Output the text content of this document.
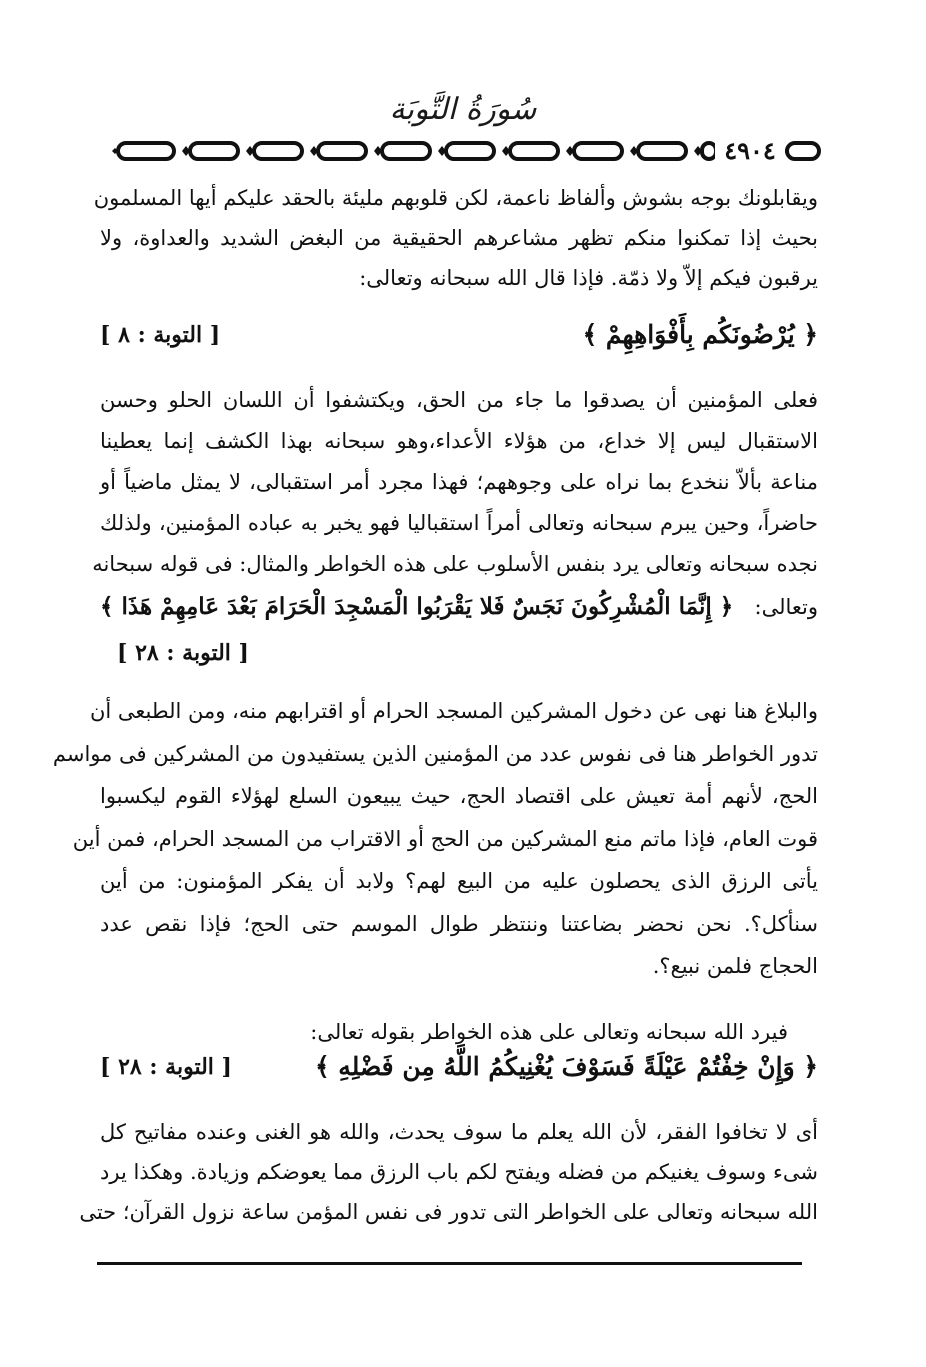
سُورَةُ التَّوبَة
٤٩٠٤
ويقابلونك بوجه بشوش وألفاظ ناعمة، لكن قلوبهم مليئة بالحقد عليكم أيها المسلمون
بحيث إذا تمكنوا منكم تظهر مشاعرهم الحقيقية من البغض الشديد والعداوة، ولا
يرقبون فيكم إلاّ ولا ذمّة. فإذا قال الله سبحانه وتعالى:
﴿ يُرْضُونَكُم بِأَفْوَاهِهِمْ ﴾
[ التوبة : ٨ ]
فعلى المؤمنين أن يصدقوا ما جاء من الحق، ويكتشفوا أن اللسان الحلو وحسن
الاستقبال ليس إلا خداع، من هؤلاء الأعداء،وهو سبحانه بهذا الكشف إنما يعطينا
مناعة بألاّ ننخدع بما نراه على وجوههم؛ فهذا مجرد أمر استقبالى، لا يمثل ماضياً أو
حاضراً، وحين يبرم سبحانه وتعالى أمراً استقباليا فهو يخبر به عباده المؤمنين، ولذلك
نجده سبحانه وتعالى يرد بنفس الأسلوب على هذه الخواطر والمثال: فى قوله سبحانه
وتعالى:
﴿ إِنَّمَا الْمُشْرِكُونَ نَجَسٌ فَلا يَقْرَبُوا الْمَسْجِدَ الْحَرَامَ بَعْدَ عَامِهِمْ هَذَا ﴾
[ التوبة : ٢٨ ]
والبلاغ هنا نهى عن دخول المشركين المسجد الحرام أو اقترابهم منه، ومن الطبعى أن
تدور الخواطر هنا فى نفوس عدد من المؤمنين الذين يستفيدون من المشركين فى مواسم
الحج، لأنهم أمة تعيش على اقتصاد الحج، حيث يبيعون السلع لهؤلاء القوم ليكسبوا
قوت العام، فإذا ماتم منع المشركين من الحج أو الاقتراب من المسجد الحرام، فمن أين
يأتى الرزق الذى يحصلون عليه من البيع لهم؟ ولابد أن يفكر المؤمنون: من أين
سنأكل؟. نحن نحضر بضاعتنا وننتظر طوال الموسم حتى الحج؛ فإذا نقص عدد
الحجاج فلمن نبيع؟.
فيرد الله سبحانه وتعالى على هذه الخواطر بقوله تعالى:
﴿ وَإِنْ خِفْتُمْ عَيْلَةً فَسَوْفَ يُغْنِيكُمُ اللَّهُ مِن فَضْلِهِ ﴾
[ التوبة : ٢٨ ]
أى لا تخافوا الفقر، لأن الله يعلم ما سوف يحدث، والله هو الغنى وعنده مفاتيح كل
شىء وسوف يغنيكم من فضله ويفتح لكم باب الرزق مما يعوضكم وزيادة. وهكذا يرد
الله سبحانه وتعالى على الخواطر التى تدور فى نفس المؤمن ساعة نزول القرآن؛ حتى
